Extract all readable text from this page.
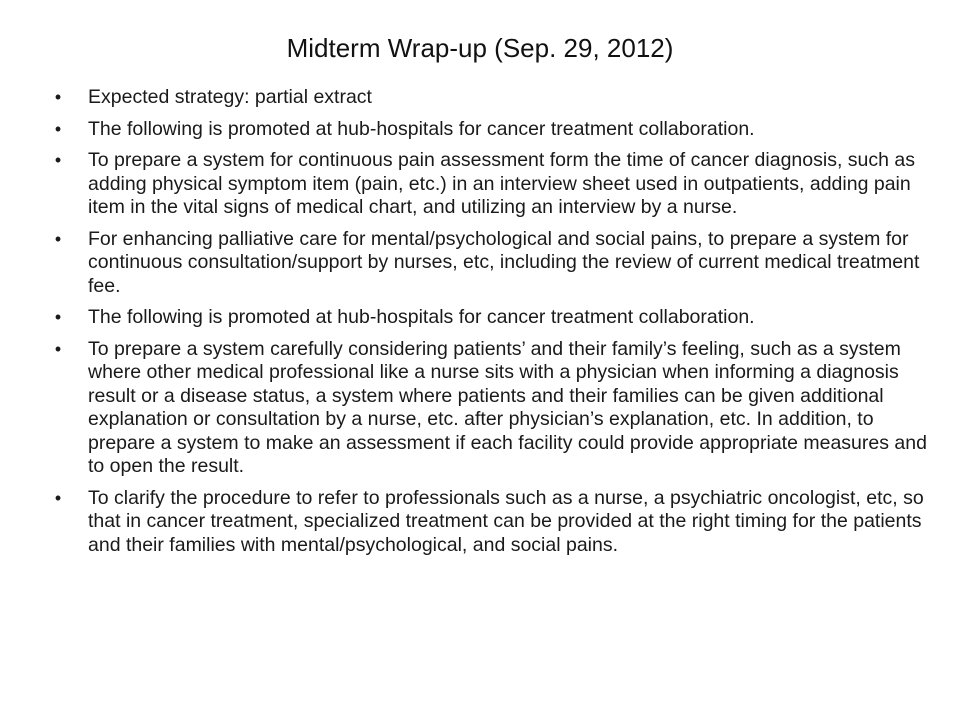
Midterm Wrap-up (Sep. 29, 2012)
• Expected strategy: partial extract
• The following is promoted at hub-hospitals for cancer treatment collaboration.
• To prepare a system for continuous pain assessment form the time of cancer diagnosis, such as adding physical symptom item (pain, etc.) in an interview sheet used in outpatients, adding pain item in the vital signs of medical chart, and utilizing an interview by a nurse.
• For enhancing palliative care for mental/psychological and social pains, to prepare a system for continuous consultation/support by nurses, etc, including the review of current medical treatment fee.
• The following is promoted at hub-hospitals for cancer treatment collaboration.
• To prepare a system carefully considering patients’ and their family’s feeling, such as a system where other medical professional like a nurse sits with a physician when informing a diagnosis result or a disease status, a system where patients and their families can be given additional explanation or consultation by a nurse, etc. after physician’s explanation, etc. In addition, to prepare a system to make an assessment if each facility could provide appropriate measures and to open the result.
• To clarify the procedure to refer to professionals such as a nurse, a psychiatric oncologist, etc, so that in cancer treatment, specialized treatment can be provided at the right timing for the patients and their families with mental/psychological, and social pains.
